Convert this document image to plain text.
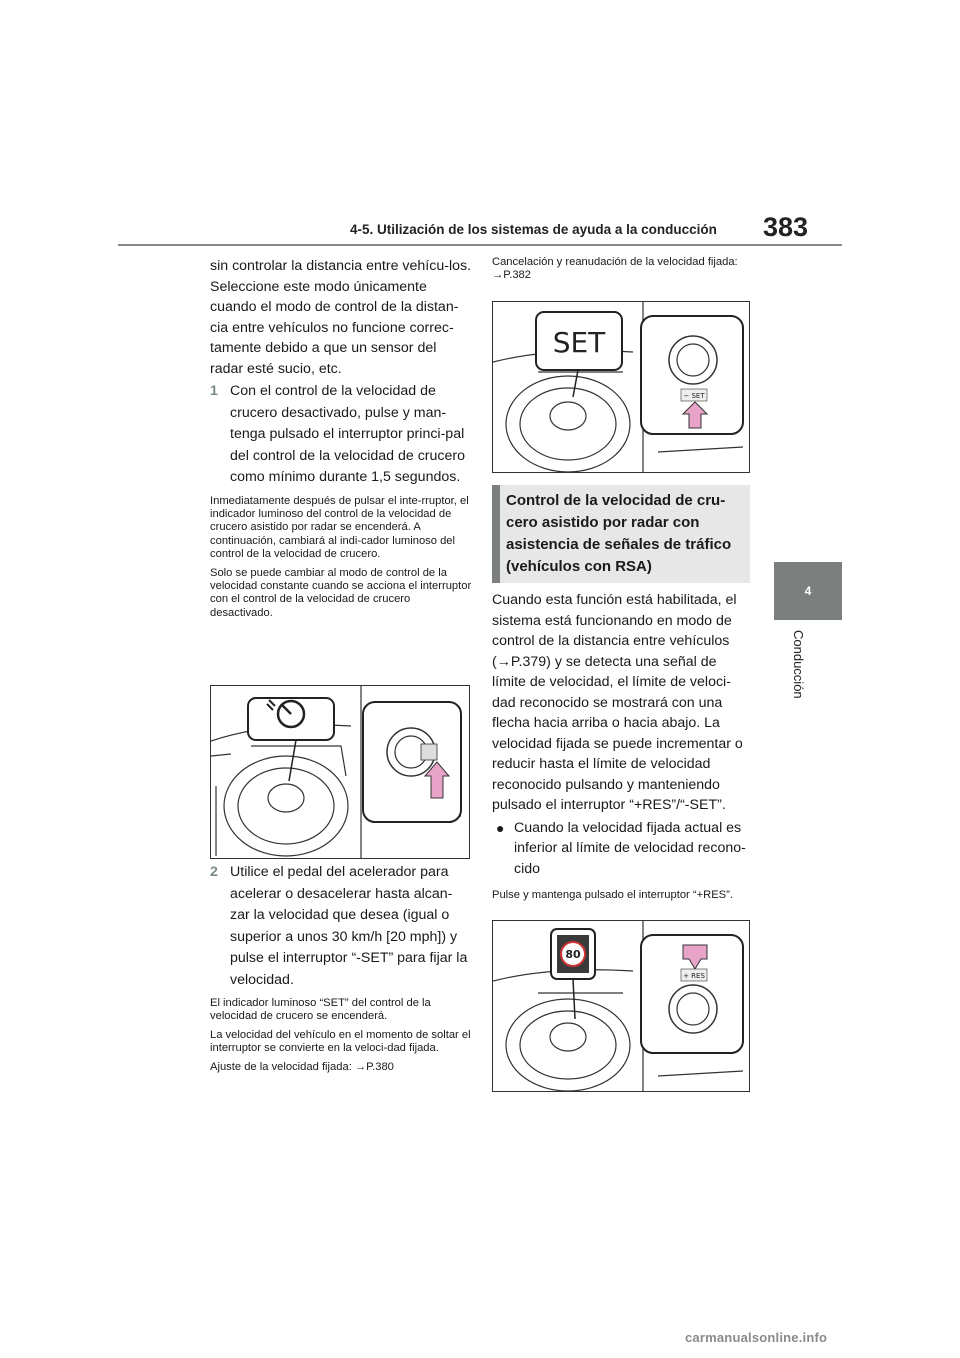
4-5. Utilización de los sistemas de ayuda a la conducción 383
4
Conducción

sin controlar la distancia entre vehícu-los. Seleccione este modo únicamente cuando el modo de control de la distan-cia entre vehículos no funcione correc-tamente debido a que un sensor del radar esté sucio, etc.

1 Con el control de la velocidad de crucero desactivado, pulse y man-tenga pulsado el interruptor princi-pal del control de la velocidad de crucero como mínimo durante 1,5 segundos.

Inmediatamente después de pulsar el inte-rruptor, el indicador luminoso del control de la velocidad de crucero asistido por radar se encenderá. A continuación, cambiará al indi-cador luminoso del control de la velocidad de crucero.

Solo se puede cambiar al modo de control de la velocidad constante cuando se acciona el interruptor con el control de la velocidad de crucero desactivado.

2 Utilice el pedal del acelerador para acelerar o desacelerar hasta alcan-zar la velocidad que desea (igual o superior a unos 30 km/h [20 mph]) y pulse el interruptor “-SET” para fijar la velocidad.

El indicador luminoso “SET” del control de la velocidad de crucero se encenderá.

La velocidad del vehículo en el momento de soltar el interruptor se convierte en la veloci-dad fijada.

Ajuste de la velocidad fijada: →P.380

Cancelación y reanudación de la velocidad fijada: →P.382

SET
− SET
Control de la velocidad de cru-cero asistido por radar con asistencia de señales de tráfico (vehículos con RSA)

Cuando esta función está habilitada, el sistema está funcionando en modo de control de la distancia entre vehículos (→P.379) y se detecta una señal de límite de velocidad, el límite de veloci-dad reconocido se mostrará con una flecha hacia arriba o hacia abajo. La velocidad fijada se puede incrementar o reducir hasta el límite de velocidad reconocido pulsando y manteniendo pulsado el interruptor “+RES”/“-SET”.

● Cuando la velocidad fijada actual es inferior al límite de velocidad recono-cido

Pulse y mantenga pulsado el interruptor “+RES”.

80
+ RES
carmanualsonline.info
